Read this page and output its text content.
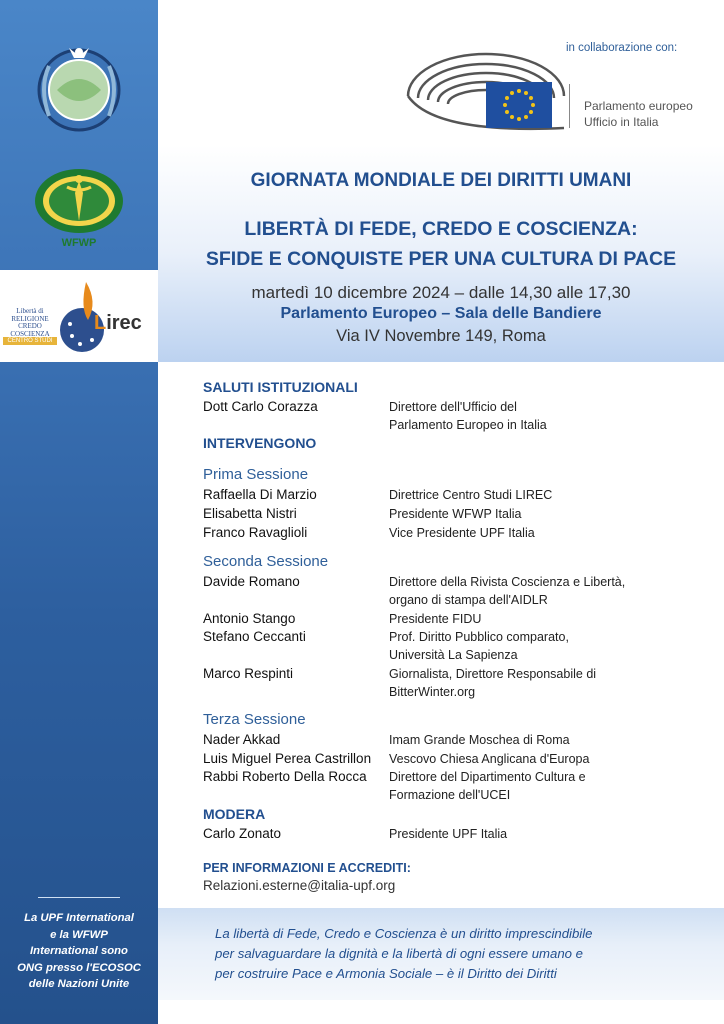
WFWP
Libertà di
RELIGIONE
CREDO
COSCIENZA
CENTRO STUDI
Lirec
La UPF International
e la WFWP
International sono
ONG presso l'ECOSOC
delle Nazioni Unite
in collaborazione con:
Parlamento europeo
Ufficio in Italia
GIORNATA MONDIALE DEI DIRITTI UMANI
LIBERTÀ DI FEDE, CREDO E COSCIENZA:
SFIDE E CONQUISTE PER UNA CULTURA DI PACE
martedì 10 dicembre 2024 – dalle 14,30 alle 17,30
Parlamento Europeo – Sala delle Bandiere
Via IV Novembre 149, Roma
SALUTI ISTITUZIONALI
Dott Carlo Corazza	Direttore dell'Ufficio del
Parlamento Europeo in Italia
INTERVENGONO
Prima Sessione
Raffaella Di Marzio	Direttrice Centro Studi LIREC
Elisabetta Nistri	Presidente WFWP Italia
Franco Ravaglioli	Vice Presidente UPF Italia
Seconda Sessione
Davide Romano	Direttore della Rivista Coscienza e Libertà,
organo di stampa dell'AIDLR
Antonio Stango	Presidente FIDU
Stefano Ceccanti	Prof. Diritto Pubblico comparato,
Università La Sapienza
Marco Respinti	Giornalista, Direttore Responsabile di
BitterWinter.org
Terza Sessione
Nader Akkad	Imam Grande Moschea di Roma
Luis Miguel Perea Castrillon Vescovo Chiesa Anglicana d'Europa
Rabbi Roberto Della Rocca Direttore del Dipartimento Cultura e
Formazione dell'UCEI
MODERA
Carlo Zonato	Presidente UPF Italia
PER INFORMAZIONI E ACCREDITI:
Relazioni.esterne@italia-upf.org
La libertà di Fede, Credo e Coscienza è un diritto imprescindibile
per salvaguardare la dignità e la libertà di ogni essere umano e
per costruire Pace e Armonia Sociale – è il Diritto dei Diritti
